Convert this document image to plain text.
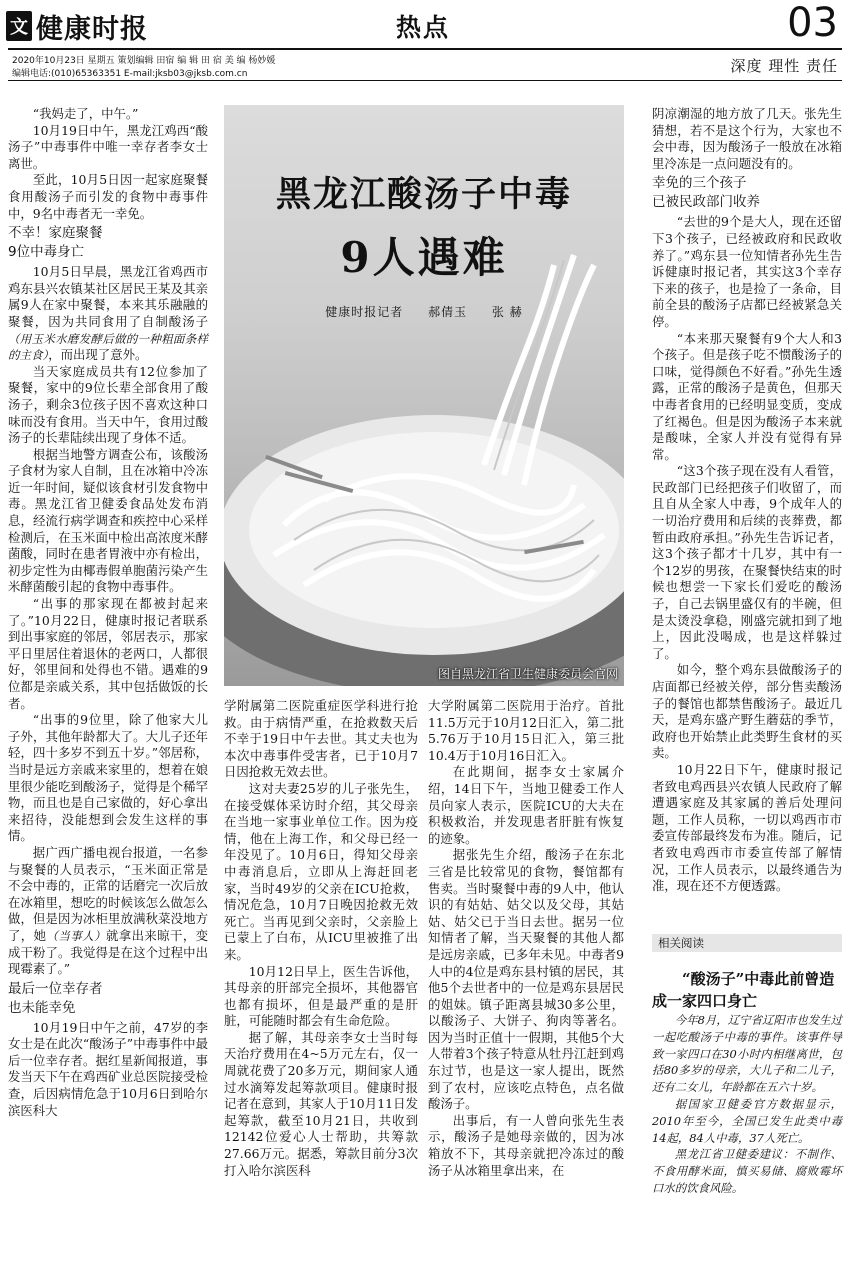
文 健康时报	热点	03
2020年10月23日 星期五 策划编辑 田宿 编 辑 田 宿 美 编 杨妙媛
编辑电话:(010)65363351 E-mail:jksb03@jksb.com.cn	深度 理性 责任

“我妈走了，中午。”

10月19日中午，黑龙江鸡西“酸汤子”中毒事件中唯一幸存者李女士离世。

至此，10月5日因一起家庭聚餐食用酸汤子而引发的食物中毒事件中，9名中毒者无一幸免。

不幸！家庭聚餐
9位中毒身亡

10月5日早晨，黑龙江省鸡西市鸡东县兴农镇某社区居民王某及其亲属9人在家中聚餐，本来其乐融融的聚餐，因为共同食用了自制酸汤子（用玉米水磨发酵后做的一种粗面条样的主食），而出现了意外。

当天家庭成员共有12位参加了聚餐，家中的9位长辈全部食用了酸汤子，剩余3位孩子因不喜欢这种口味而没有食用。当天中午，食用过酸汤子的长辈陆续出现了身体不适。

根据当地警方调查公布，该酸汤子食材为家人自制，且在冰箱中冷冻近一年时间，疑似该食材引发食物中毒。黑龙江省卫健委食品处发布消息，经流行病学调查和疾控中心采样检测后，在玉米面中检出高浓度米酵菌酸，同时在患者胃液中亦有检出，初步定性为由椰毒假单胞菌污染产生米酵菌酸引起的食物中毒事件。

“出事的那家现在都被封起来了。”10月22日，健康时报记者联系到出事家庭的邻居，邻居表示，那家平日里居住着退休的老两口，人都很好，邻里间和处得也不错。遇难的9位都是亲戚关系，其中包括做饭的长者。

“出事的9位里，除了他家大儿子外，其他年龄都大了。大儿子还年轻，四十多岁不到五十岁。”邻居称，当时是远方亲戚来家里的，想着在娘里很少能吃到酸汤子，觉得是个稀罕物，而且也是自己家做的，好心拿出来招待，没能想到会发生这样的事情。

据广西广播电视台报道，一名参与聚餐的人员表示，“玉米面正常是不会中毒的，正常的话磨完一次后放在冰箱里，想吃的时候该怎么做怎么做，但是因为冰柜里放满秋菜没地方了，她（当事人）就拿出来晾干，变成干粉了。我觉得是在这个过程中出现霉素了。”

最后一位幸存者
也未能幸免

10月19日中午之前，47岁的李女士是在此次“酸汤子”中毒事件中最后一位幸存者。据红星新闻报道，事发当天下午在鸡西矿业总医院接受检查，后因病情危急于10月6日到哈尔滨医科大

黑龙江酸汤子中毒
9人遇难
健康时报记者 郝倩玉 张 赫
图自黑龙江省卫生健康委员会官网

学附属第二医院重症医学科进行抢救。由于病情严重，在抢救数天后不幸于19日中午去世。其丈夫也为本次中毒事件受害者，已于10月7日因抢救无效去世。

这对夫妻25岁的儿子张先生，在接受媒体采访时介绍，其父母亲在当地一家事业单位工作。因为疫情，他在上海工作，和父母已经一年没见了。10月6日，得知父母亲中毒消息后，立即从上海赶回老家，当时49岁的父亲在ICU抢救，情况危急，10月7日晚因抢救无效死亡。当再见到父亲时，父亲脸上已蒙上了白布，从ICU里被推了出来。

10月12日早上，医生告诉他，其母亲的肝部完全损坏，其他器官也都有损坏，但是最严重的是肝脏，可能随时都会有生命危险。

据了解，其母亲李女士当时每天治疗费用在4~5万元左右，仅一周就花费了20多万元，期间家人通过水滴筹发起筹款项目。健康时报记者在意到，其家人于10月11日发起筹款，截至10月21日，共收到12142位爱心人士帮助，共筹款27.66万元。据悉，筹款目前分3次打入哈尔滨医科

大学附属第二医院用于治疗。首批11.5万元于10月12日汇入，第二批5.76万于10月15日汇入，第三批10.4万于10月16日汇入。

在此期间，据李女士家属介绍，14日下午，当地卫健委工作人员向家人表示，医院ICU的大夫在积极救治，并发现患者肝脏有恢复的迹象。

据张先生介绍，酸汤子在东北三省是比较常见的食物，餐馆都有售卖。当时聚餐中毒的9人中，他认识的有姑姑、姑父以及父母，其姑姑、姑父已于当日去世。据另一位知情者了解，当天聚餐的其他人都是远房亲戚，已多年未见。中毒者9人中的4位是鸡东县村镇的居民，其他5个去世者中的一位是鸡东县居民的姐妹。镇子距离县城30多公里，以酸汤子、大饼子、狗肉等著名。因为当时正值十一假期，其他5个大人带着3个孩子特意从牡丹江赶到鸡东过节，也是这一家人提出，既然到了农村，应该吃点特色，点名做酸汤子。

出事后，有一人曾向张先生表示，酸汤子是她母亲做的，因为冰箱放不下，其母亲就把冷冻过的酸汤子从冰箱里拿出来，在

阴凉潮湿的地方放了几天。张先生猜想，若不是这个行为，大家也不会中毒，因为酸汤子一般放在冰箱里冷冻是一点问题没有的。

幸免的三个孩子
已被民政部门收养

“去世的9个是大人，现在还留下3个孩子，已经被政府和民政收养了。”鸡东县一位知情者孙先生告诉健康时报记者，其实这3个幸存下来的孩子，也是捡了一条命，目前全县的酸汤子店都已经被紧急关停。

“本来那天聚餐有9个大人和3个孩子。但是孩子吃不惯酸汤子的口味，觉得颜色不好看。”孙先生透露，正常的酸汤子是黄色，但那天中毒者食用的已经明显变质，变成了红褐色。但是因为酸汤子本来就是酸味，全家人并没有觉得有异常。

“这3个孩子现在没有人看管，民政部门已经把孩子们收留了，而且自从全家人中毒，9个成年人的一切治疗费用和后续的丧葬费，都暂由政府承担。”孙先生告诉记者，这3个孩子都才十几岁，其中有一个12岁的男孩，在聚餐快结束的时候也想尝一下家长们爱吃的酸汤子，自己去锅里盛仅有的半碗，但是太烫没拿稳，刚盛完就扣到了地上，因此没喝成，也是这样躲过了。

如今，整个鸡东县做酸汤子的店面都已经被关停，部分售卖酸汤子的餐馆也都禁售酸汤子。最近几天，是鸡东盛产野生蘑菇的季节，政府也开始禁止此类野生食材的买卖。

10月22日下午，健康时报记者致电鸡西县兴农镇人民政府了解遭遇家庭及其家属的善后处理问题，工作人员称，一切以鸡西市市委宣传部最终发布为准。随后，记者致电鸡西市市委宣传部了解情况，工作人员表示，以最终通告为准，现在还不方便透露。

相关阅读
“酸汤子”中毒此前曾造成一家四口身亡

今年8月，辽宁省辽阳市也发生过一起吃酸汤子中毒的事件。该事件导致一家四口在30小时内相继离世，包括80多岁的母亲，大儿子和二儿子，还有二女儿，年龄都在五六十岁。

据国家卫健委官方数据显示，2010年至今，全国已发生此类中毒14起，84人中毒，37人死亡。

黑龙江省卫健委建议：不制作、不食用酵米面，慎买易储、腐败霉坏口水的饮食风险。
